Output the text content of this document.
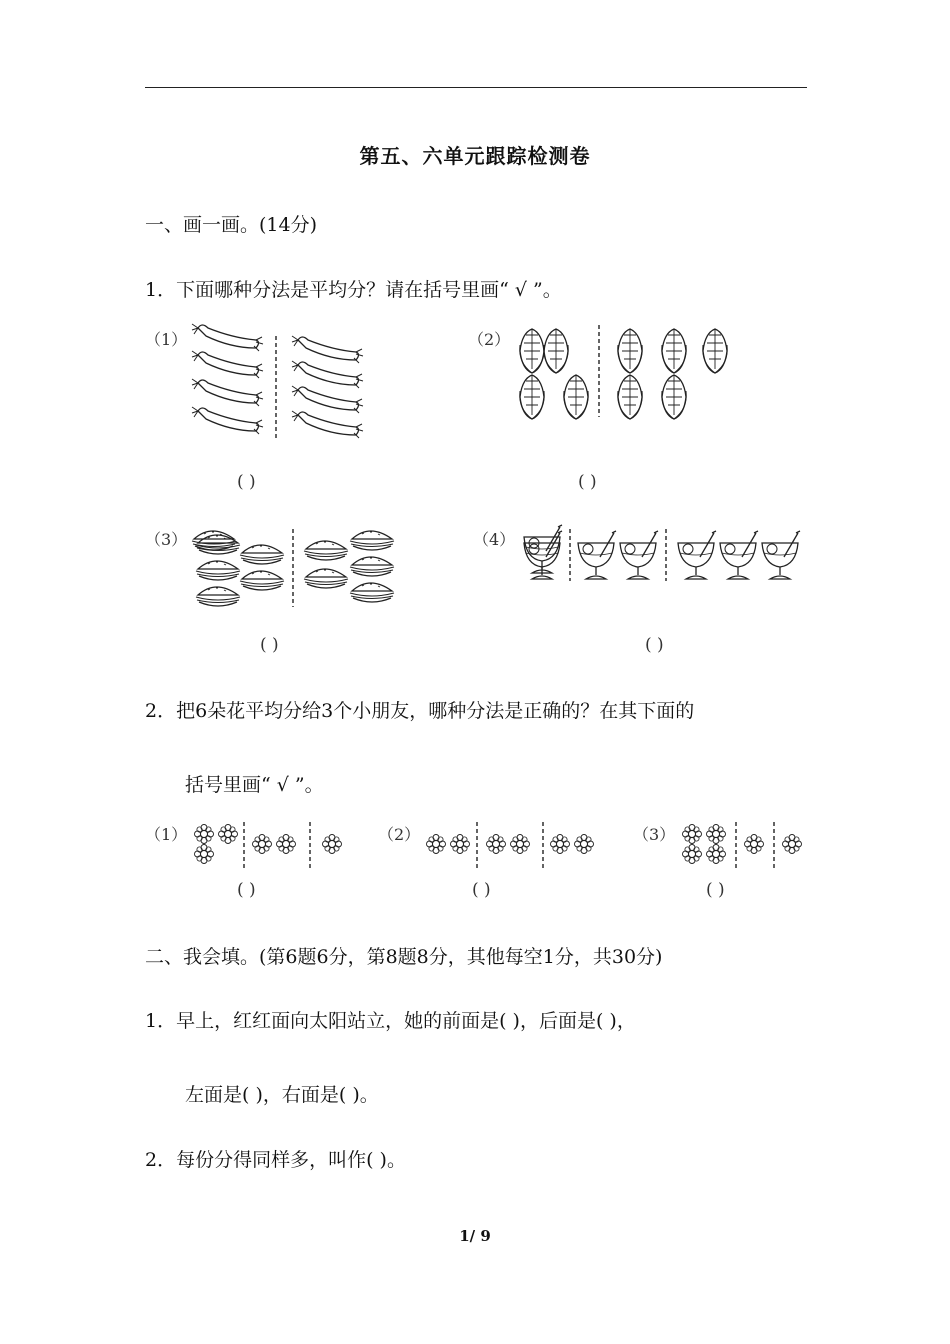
第五、六单元跟踪检测卷
一、画一画。(14分)
1．下面哪种分法是平均分？请在括号里画“ √ ”。
（1）
( )
（2）
( )
（3）
( )
（4）
( )
2．把6朵花平均分给3个小朋友，哪种分法是正确的？在其下面的
括号里画“ √ ”。
（1）
( )
（2）
( )
（3）
( )
二、我会填。(第6题6分，第8题8分，其他每空1分，共30分)
1．早上，红红面向太阳站立，她的前面是( )，后面是( )，
左面是( )，右面是( )。
2．每份分得同样多，叫作( )。
1/ 9
